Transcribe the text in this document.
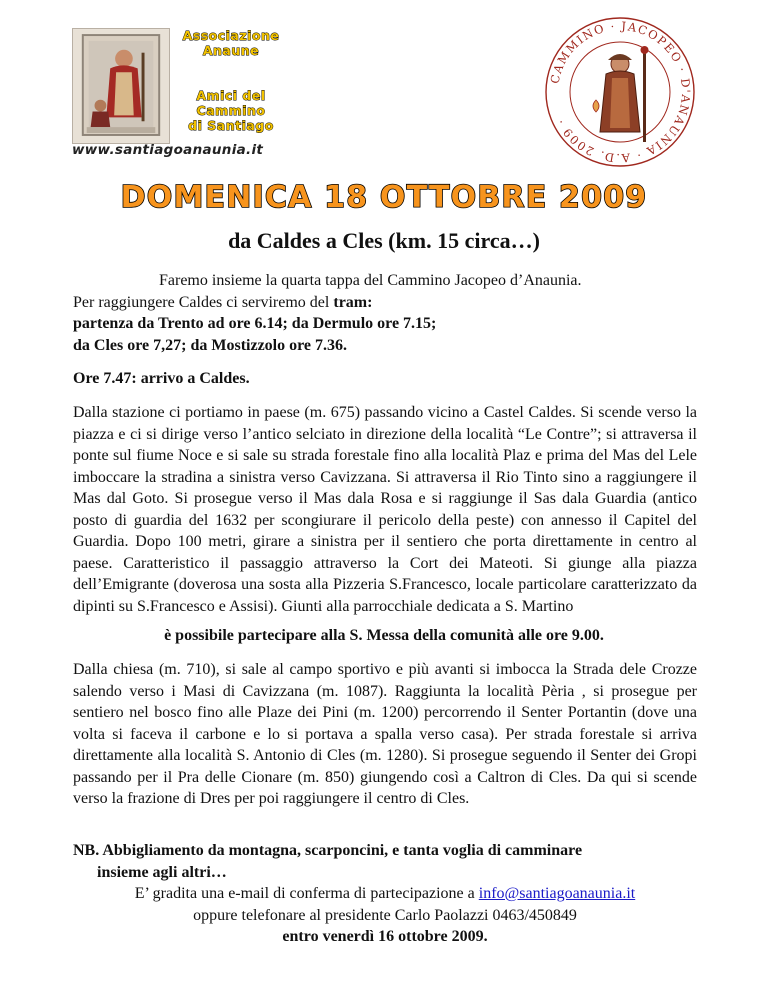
Associazione
Anaune
Amici del
Cammino
di Santiago
www.santiagoanaunia.it
CAMMINO · JACOPEO · D'ANAUNIA · A.D. 2009 ·
DOMENICA 18 OTTOBRE 2009
da Caldes a Cles (km. 15 circa…)
Faremo insieme la quarta tappa del Cammino Jacopeo d’Anaunia.
Per raggiungere Caldes ci serviremo del tram:
partenza da Trento ad ore 6.14; da Dermulo ore 7.15;
da Cles ore 7,27; da Mostizzolo ore 7.36.
Ore 7.47: arrivo a Caldes.

Dalla stazione ci portiamo in paese (m. 675) passando vicino a Castel Caldes. Si scende verso la piazza e ci si dirige verso l’antico selciato in direzione della località “Le Contre”; si attraversa il ponte sul fiume Noce e si sale su strada forestale fino alla località Plaz e prima del Mas del Lele imboccare la stradina a sinistra verso Cavizzana. Si attraversa il Rio Tinto sino a raggiungere il Mas dal Goto. Si prosegue verso il Mas dala Rosa e si raggiunge il Sas dala Guardia (antico posto di guardia del 1632 per scongiurare il pericolo della peste) con annesso il Capitel del Guardia. Dopo 100 metri, girare a sinistra per il sentiero che porta direttamente in centro al paese. Caratteristico il passaggio attraverso la Cort dei Mateoti. Si giunge alla piazza dell’Emigrante (doverosa una sosta alla Pizzeria S.Francesco, locale particolare caratterizzato da dipinti su S.Francesco e Assisi). Giunti alla parrocchiale dedicata a S. Martino

è possibile partecipare alla S. Messa della comunità alle ore 9.00.

Dalla chiesa (m. 710), si sale al campo sportivo e più avanti si imbocca la Strada dele Crozze salendo verso i Masi di Cavizzana (m. 1087). Raggiunta la località Pèria , si prosegue per sentiero nel bosco fino alle Plaze dei Pini (m. 1200) percorrendo il Senter Portantin (dove una volta si faceva il carbone e lo si portava a spalla verso casa). Per strada forestale si arriva direttamente alla località S. Antonio di Cles (m. 1280). Si prosegue seguendo il Senter dei Gropi passando per il Pra delle Cionare (m. 850) giungendo così a Caltron di Cles. Da qui si scende verso la frazione di Dres per poi raggiungere il centro di Cles.

NB. Abbigliamento da montagna, scarponcini, e tanta voglia di camminare
insieme agli altri…
E’ gradita una e-mail di conferma di partecipazione a info@santiagoanaunia.it
oppure telefonare al presidente Carlo Paolazzi 0463/450849
entro venerdì 16 ottobre 2009.
